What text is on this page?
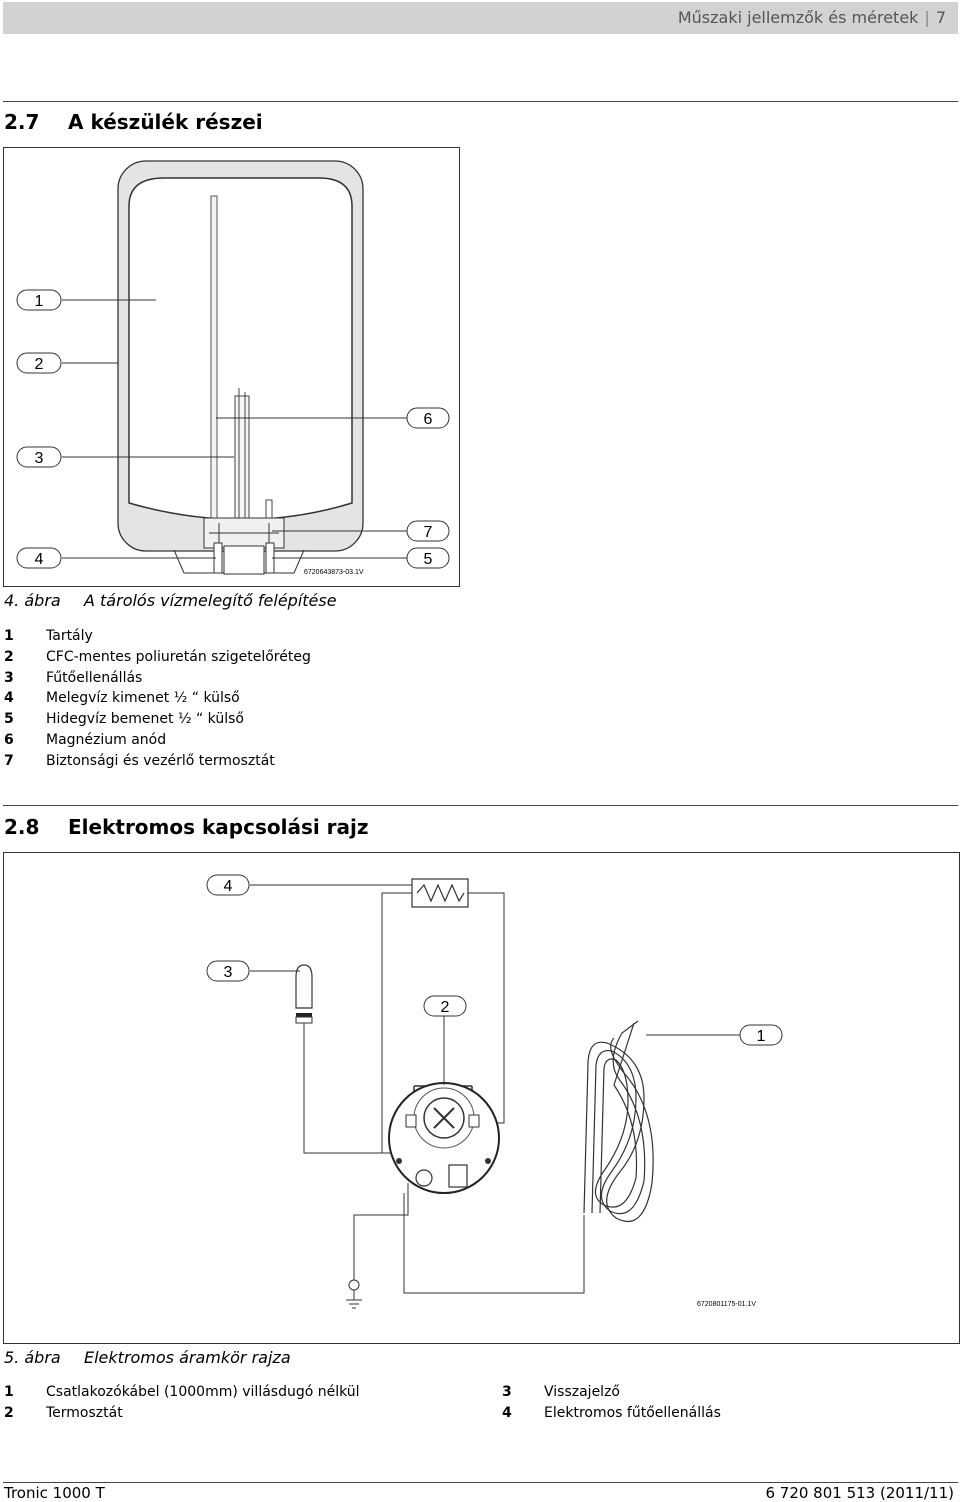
Műszaki jellemzők és méretek | 7
2.7 A készülék részei
1
2
3
4	5
6
7
6720643873-03.1V
4. ábra A tárolós vízmelegítő felépítése
1 Tartály
2 CFC-mentes poliuretán szigetelőréteg
3 Fűtőellenállás
4 Melegvíz kimenet ½ “ külső
5 Hidegvíz bemenet ½ “ külső
6 Magnézium anód
7 Biztonsági és vezérlő termosztát
2.8 Elektromos kapcsolási rajz
4
3
2
1
6720801175-01.1V
5. ábra Elektromos áramkör rajza
1 Csatlakozókábel (1000mm) villásdugó nélkül
2 Termosztát
3 Visszajelző
4 Elektromos fűtőellenállás
Tronic 1000 T	6 720 801 513 (2011/11)
